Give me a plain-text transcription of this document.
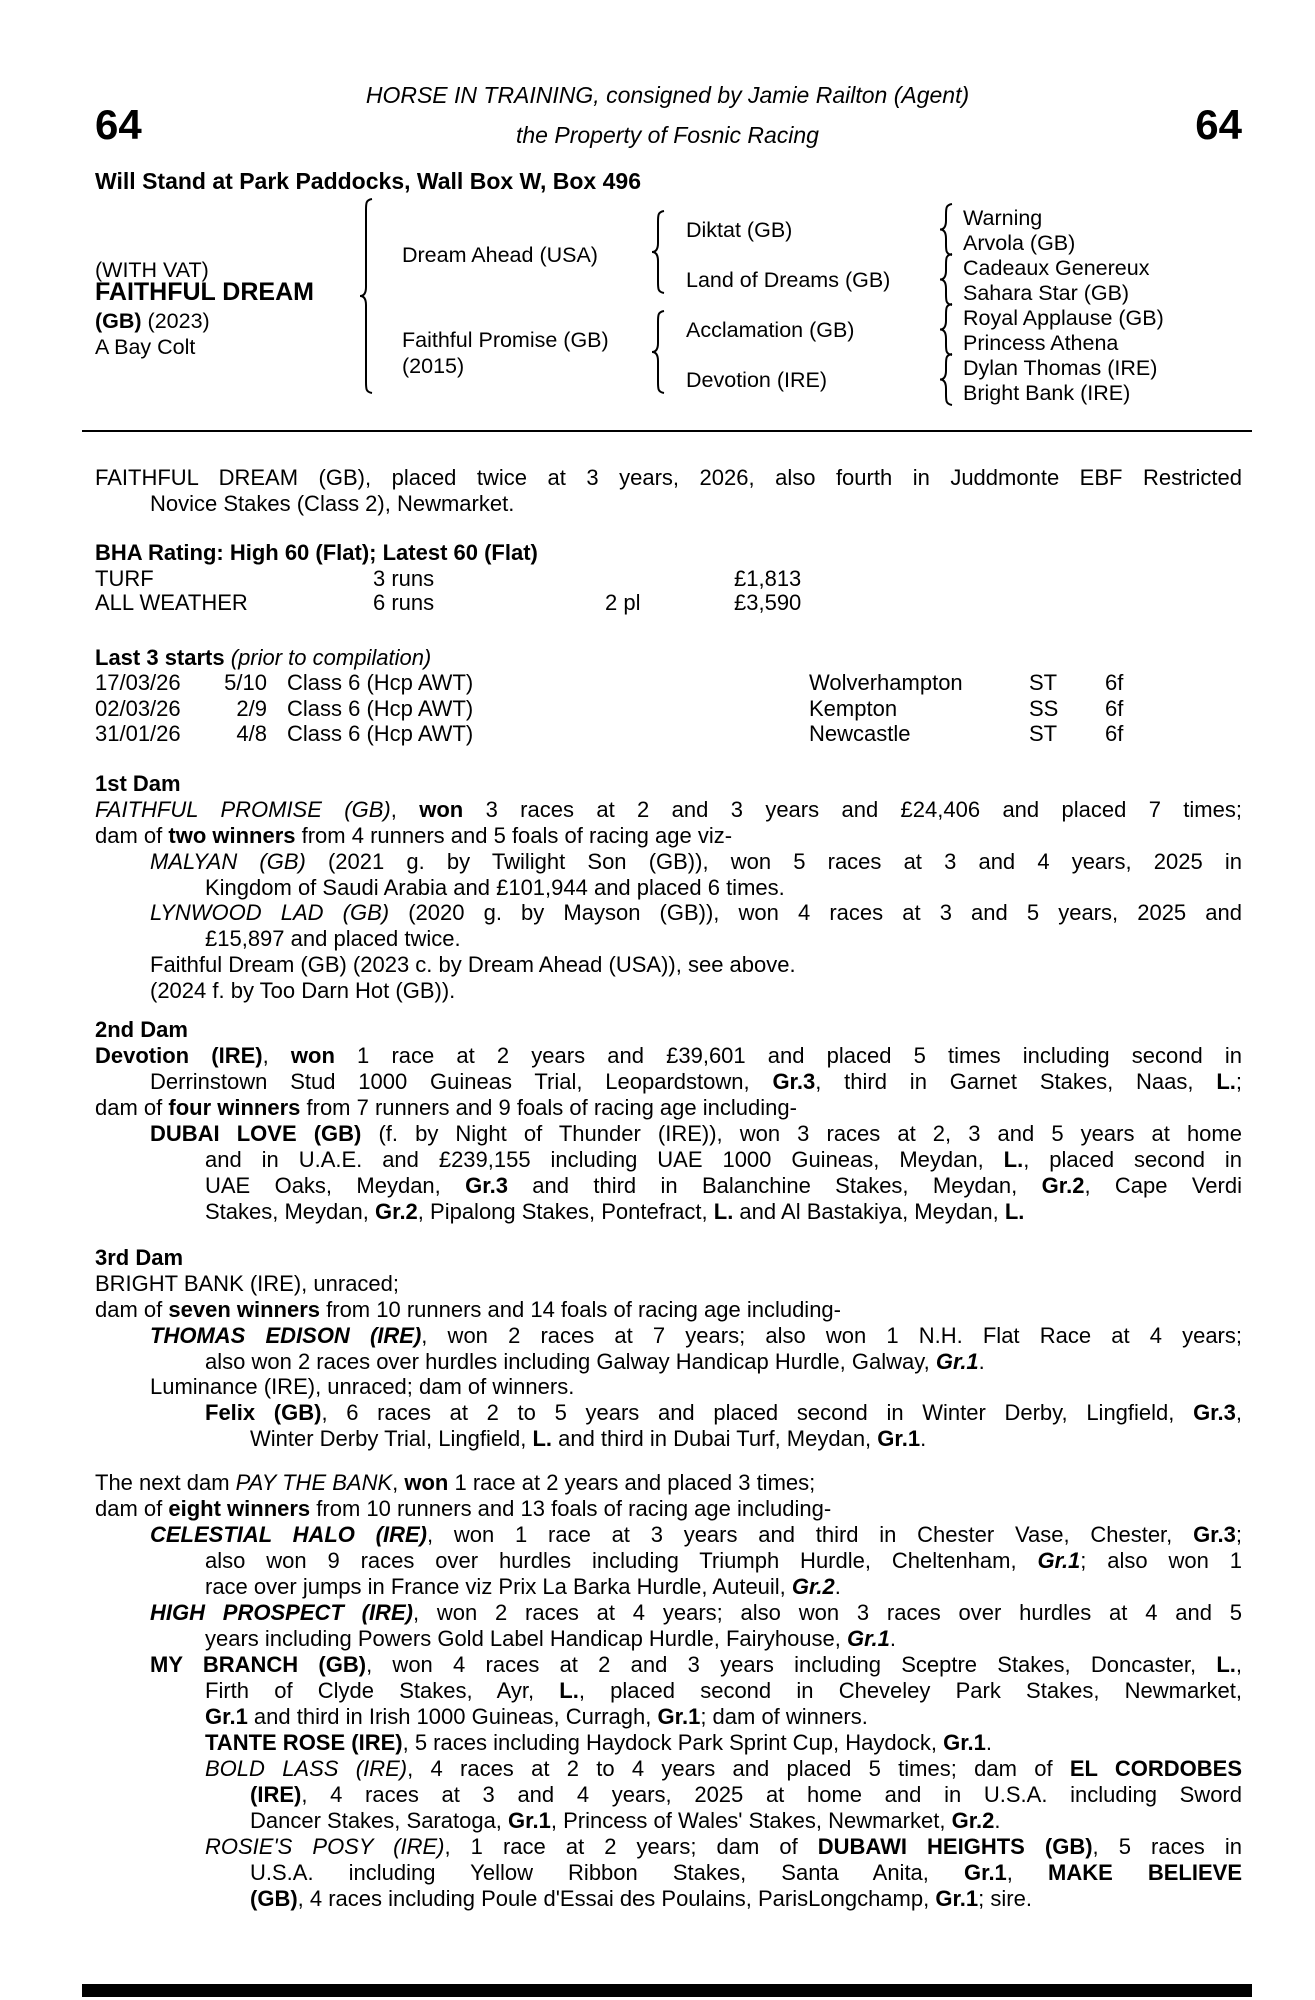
HORSE IN TRAINING, consigned by Jamie Railton (Agent)
64	64
the Property of Fosnic Racing
Will Stand at Park Paddocks, Wall Box W, Box 496
(WITH VAT)
FAITHFUL DREAM
(GB) (2023)
A Bay Colt
Dream Ahead (USA)
Faithful Promise (GB)
(2015)
Diktat (GB)
Land of Dreams (GB)
Acclamation (GB)
Devotion (IRE)
Warning
Arvola (GB)
Cadeaux Genereux
Sahara Star (GB)
Royal Applause (GB)
Princess Athena
Dylan Thomas (IRE)
Bright Bank (IRE)
BHA Rating: High 60 (Flat); Latest 60 (Flat)
TURF	3 runs	£1,813
ALL WEATHER	6 runs	2 pl	£3,590
Last 3 starts (prior to compilation)
17/03/26	5/10 Class 6 (Hcp AWT)	Wolverhampton	ST 6f
02/03/26	2/9 Class 6 (Hcp AWT)	Kempton	SS 6f
31/01/26	4/8 Class 6 (Hcp AWT)	Newcastle	ST 6f
FAITHFUL DREAM (GB), placed twice at 3 years, 2026, also fourth in Juddmonte EBF Restricted
Novice Stakes (Class 2), Newmarket.
1st Dam
FAITHFUL PROMISE (GB), won 3 races at 2 and 3 years and £24,406 and placed 7 times;
dam of two winners from 4 runners and 5 foals of racing age viz-
MALYAN (GB) (2021 g. by Twilight Son (GB)), won 5 races at 3 and 4 years, 2025 in
Kingdom of Saudi Arabia and £101,944 and placed 6 times.
LYNWOOD LAD (GB) (2020 g. by Mayson (GB)), won 4 races at 3 and 5 years, 2025 and
£15,897 and placed twice.
Faithful Dream (GB) (2023 c. by Dream Ahead (USA)), see above.
(2024 f. by Too Darn Hot (GB)).
2nd Dam
Devotion (IRE), won 1 race at 2 years and £39,601 and placed 5 times including second in
Derrinstown Stud 1000 Guineas Trial, Leopardstown, Gr.3, third in Garnet Stakes, Naas, L.;
dam of four winners from 7 runners and 9 foals of racing age including-
DUBAI LOVE (GB) (f. by Night of Thunder (IRE)), won 3 races at 2, 3 and 5 years at home
and in U.A.E. and £239,155 including UAE 1000 Guineas, Meydan, L., placed second in
UAE Oaks, Meydan, Gr.3 and third in Balanchine Stakes, Meydan, Gr.2, Cape Verdi
Stakes, Meydan, Gr.2, Pipalong Stakes, Pontefract, L. and Al Bastakiya, Meydan, L.
3rd Dam
BRIGHT BANK (IRE), unraced;
dam of seven winners from 10 runners and 14 foals of racing age including-
THOMAS EDISON (IRE), won 2 races at 7 years; also won 1 N.H. Flat Race at 4 years;
also won 2 races over hurdles including Galway Handicap Hurdle, Galway, Gr.1.
Luminance (IRE), unraced; dam of winners.
Felix (GB), 6 races at 2 to 5 years and placed second in Winter Derby, Lingfield, Gr.3,
Winter Derby Trial, Lingfield, L. and third in Dubai Turf, Meydan, Gr.1.
The next dam PAY THE BANK, won 1 race at 2 years and placed 3 times;
dam of eight winners from 10 runners and 13 foals of racing age including-
CELESTIAL HALO (IRE), won 1 race at 3 years and third in Chester Vase, Chester, Gr.3;
also won 9 races over hurdles including Triumph Hurdle, Cheltenham, Gr.1; also won 1
race over jumps in France viz Prix La Barka Hurdle, Auteuil, Gr.2.
HIGH PROSPECT (IRE), won 2 races at 4 years; also won 3 races over hurdles at 4 and 5
years including Powers Gold Label Handicap Hurdle, Fairyhouse, Gr.1.
MY BRANCH (GB), won 4 races at 2 and 3 years including Sceptre Stakes, Doncaster, L.,
Firth of Clyde Stakes, Ayr, L., placed second in Cheveley Park Stakes, Newmarket,
Gr.1 and third in Irish 1000 Guineas, Curragh, Gr.1; dam of winners.
TANTE ROSE (IRE), 5 races including Haydock Park Sprint Cup, Haydock, Gr.1.
BOLD LASS (IRE), 4 races at 2 to 4 years and placed 5 times; dam of EL CORDOBES
(IRE), 4 races at 3 and 4 years, 2025 at home and in U.S.A. including Sword
Dancer Stakes, Saratoga, Gr.1, Princess of Wales' Stakes, Newmarket, Gr.2.
ROSIE'S POSY (IRE), 1 race at 2 years; dam of DUBAWI HEIGHTS (GB), 5 races in
U.S.A. including Yellow Ribbon Stakes, Santa Anita, Gr.1, MAKE BELIEVE
(GB), 4 races including Poule d'Essai des Poulains, ParisLongchamp, Gr.1; sire.
